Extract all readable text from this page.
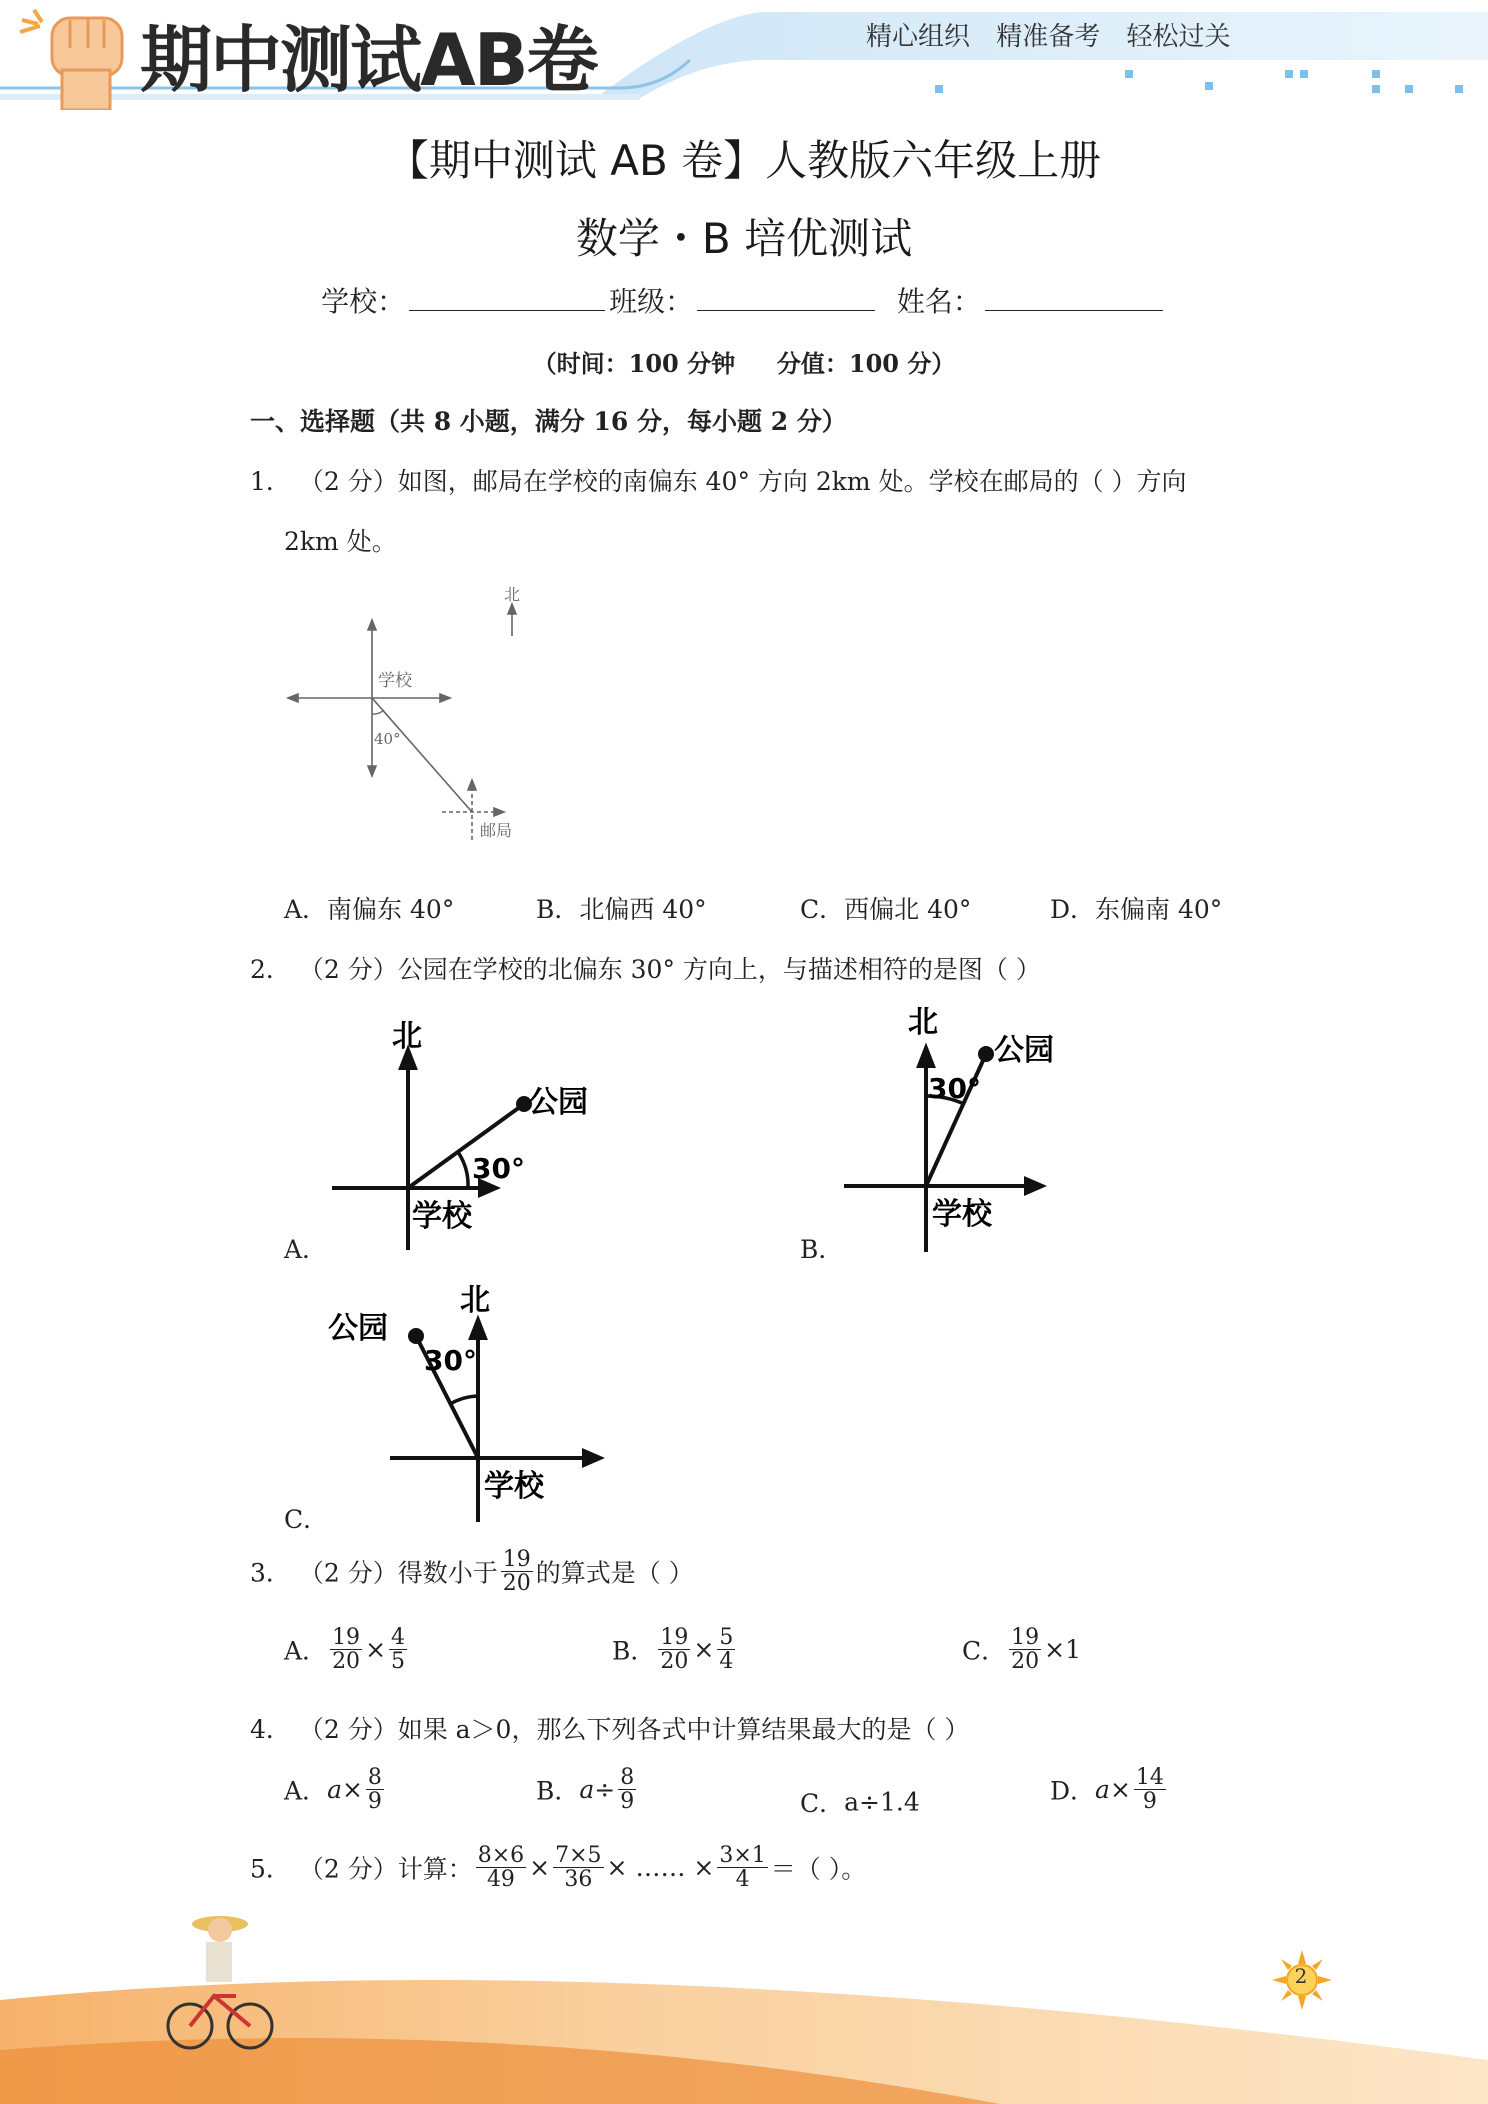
期中测试AB卷	精心组织 精准备考 轻松过关
【期中测试 AB 卷】人教版六年级上册
数学・B 培优测试
学校：	班级：	姓名：
（时间：100 分钟     分值：100 分）
一、选择题（共 8 小题，满分 16 分，每小题 2 分）
1． （2 分）如图，邮局在学校的南偏东 40° 方向 2km 处。学校在邮局的（ ）方向
2km 处。
北
学校
40°
邮局
A．南偏东 40°	B．北偏西 40°	C．西偏北 40°	D．东偏南 40°
2． （2 分）公园在学校的北偏东 30° 方向上，与描述相符的是图（ ）
北
公园
30°
学校
A．
北
公园
30°
学校
B．
北
公园
30°
学校
C．
3． （2 分）得数小于 $\frac{19}{20}$ 的算式是（ ）
A． $\frac{19}{20} \times \frac{4}{5}$	B． $\frac{19}{20} \times \frac{5}{4}$	C． $\frac{19}{20} \times 1$
4． （2 分）如果 a＞0，那么下列各式中计算结果最大的是（ ）
A．$a\times \frac{8}{9}$	B．$a\div \frac{8}{9}$	C．a÷1.4	D．$a\times \frac{14}{9}$
5． （2 分）计算： $\frac{8\times 6}{49} \times \frac{7\times 5}{36}$ × …… × $\frac{3\times 1}{4}$ ＝（ ）。
2
